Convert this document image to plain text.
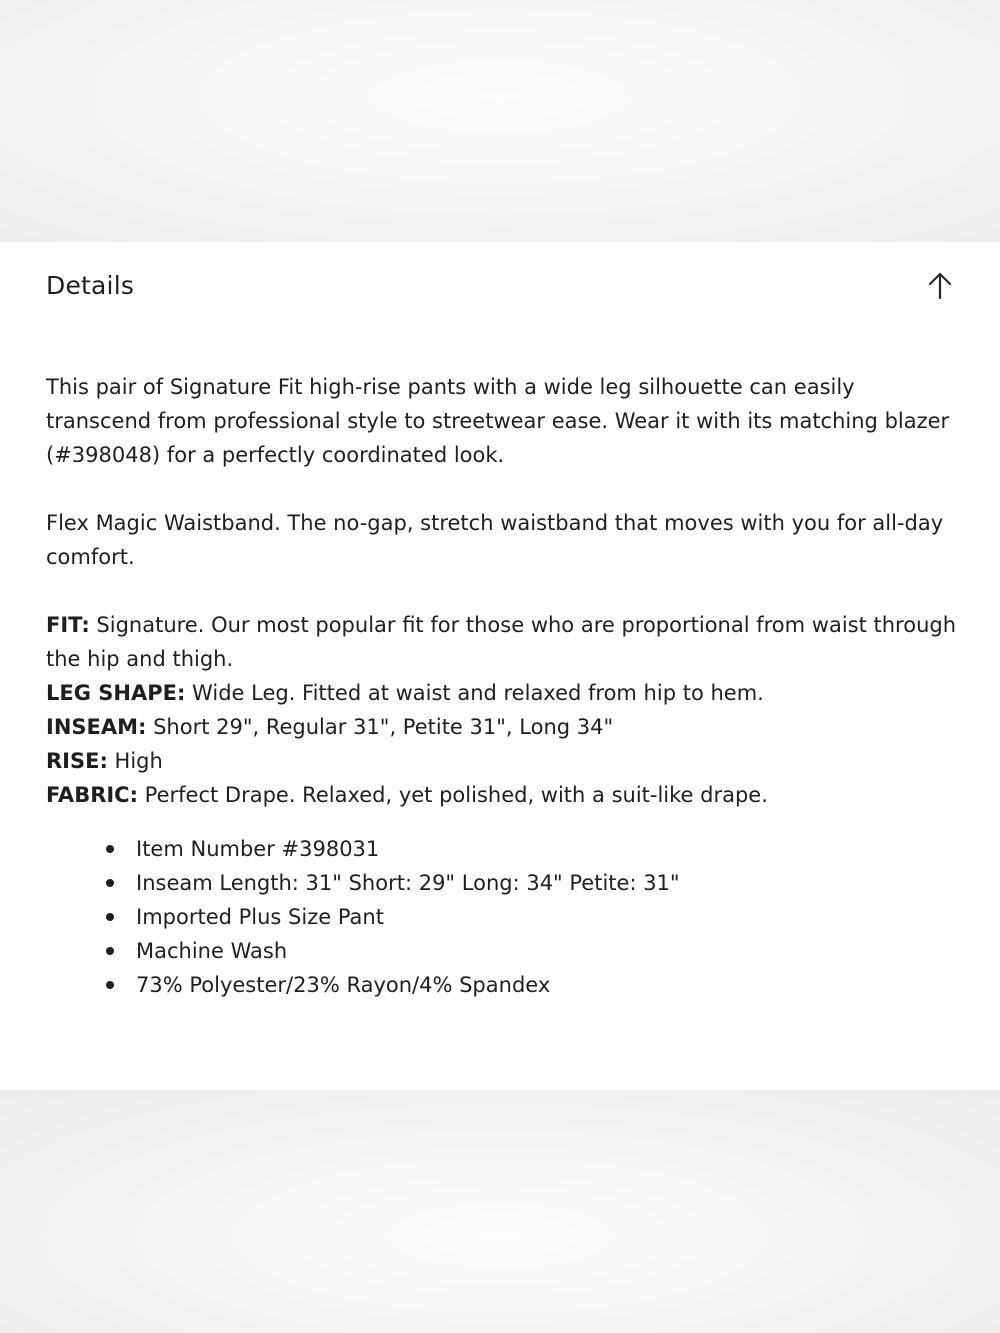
Details

This pair of Signature Fit high-rise pants with a wide leg silhouette can easily transcend from professional style to streetwear ease. Wear it with its matching blazer (#398048) for a perfectly coordinated look.

Flex Magic Waistband. The no-gap, stretch waistband that moves with you for all-day comfort.

FIT: Signature. Our most popular fit for those who are proportional from waist through the hip and thigh.
LEG SHAPE: Wide Leg. Fitted at waist and relaxed from hip to hem.
INSEAM: Short 29", Regular 31", Petite 31", Long 34"
RISE: High
FABRIC: Perfect Drape. Relaxed, yet polished, with a suit-like drape.
Item Number #398031
Inseam Length: 31" Short: 29" Long: 34" Petite: 31"
Imported Plus Size Pant
Machine Wash
73% Polyester/23% Rayon/4% Spandex
